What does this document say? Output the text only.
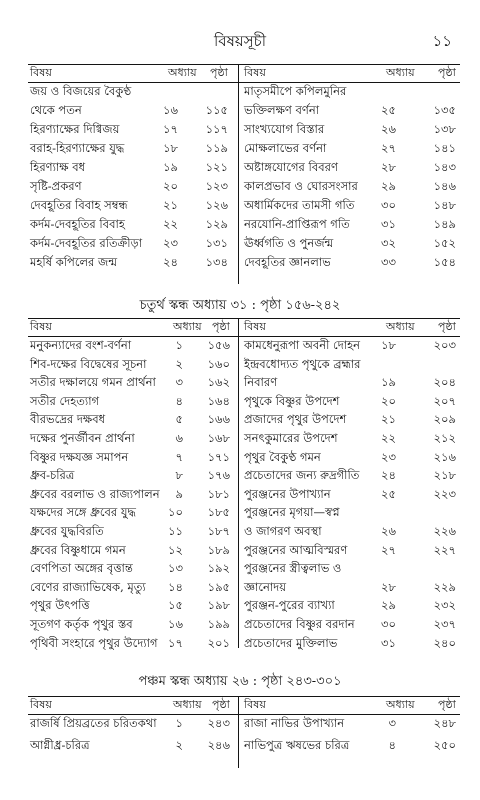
বিষয়সূচী	১১
বিষয়	অধ্যায় পৃষ্ঠা বিষয়	অধ্যায় পৃষ্ঠা
জয় ও বিজয়ের বৈকুণ্ঠ
থেকে পতন	১৬ ১১৫
হিরণ্যাক্ষের দিগ্বিজয়	১৭ ১১৭
বরাহ-হিরণ্যাক্ষের যুদ্ধ	১৮ ১১৯
হিরণ্যাক্ষ বধ	১৯ ১২১
সৃষ্টি-প্রকরণ	২০ ১২৩
দেবহূতির বিবাহ সম্বন্ধ	২১ ১২৬
কর্দম-দেবহূতির বিবাহ	২২ ১২৯
কর্দম-দেবহূতির রতিক্রীড়া ২৩ ১৩১
মহর্ষি কপিলের জন্ম	২৪ ১৩৪
মাতৃসমীপে কপিলমুনির
ভক্তিলক্ষণ বর্ণনা	২৫	১৩৫
সাংখ্যযোগ বিস্তার	২৬	১৩৮
মোক্ষলাভের বর্ণনা	২৭	১৪১
অষ্টাঙ্গযোগের বিবরণ	২৮	১৪৩
কালপ্রভাব ও ঘোরসংসার ২৯	১৪৬
অধার্মিকদের তামসী গতি ৩০	১৪৮
নরযোনি-প্রাপ্তিরূপ গতি	৩১	১৪৯
ঊর্ধ্বগতি ও পুনর্জন্ম	৩২	১৫২
দেবহূতির জ্ঞানলাভ	৩৩	১৫৪
চতুর্থ স্কন্ধ অধ্যায় ৩১ : পৃষ্ঠা ১৫৬-২৪২
বিষয়	অধ্যায় পৃষ্ঠা বিষয়	অধ্যায় পৃষ্ঠা
মনুকন্যাদের বংশ-বর্ণনা	১ ১৫৬
শিব-দক্ষের বিদ্বেষের সূচনা	২ ১৬০
সতীর দক্ষালয়ে গমন প্রার্থনা ৩ ১৬২
সতীর দেহত্যাগ	৪ ১৬৪
বীরভদ্রের দক্ষবধ	৫ ১৬৬
দক্ষের পুনর্জীবন প্রার্থনা	৬ ১৬৮
বিষ্ণুর দক্ষযজ্ঞ সমাপন	৭ ১৭১
ধ্রুব-চরিত্র	৮ ১৭৬
ধ্রুবের বরলাভ ও রাজ্যপালন ৯ ১৮১
যক্ষদের সঙ্গে ধ্রুবের যুদ্ধ	১০ ১৮৫
ধ্রুবের যুদ্ধবিরতি	১১ ১৮৭
ধ্রুবের বিষ্ণুধামে গমন	১২ ১৮৯
বেণপিতা অঙ্গের বৃত্তান্ত	১৩ ১৯২
বেণের রাজ্যাভিষেক, মৃত্যু ১৪ ১৯৫
পৃথুর উৎপত্তি	১৫ ১৯৮
সূতগণ কর্তৃক পৃথুর স্তব	১৬ ১৯৯
পৃথিবী সংহারে পৃথুর উদ্যোগ ১৭ ২০১
কামধেনুরূপা অবনী দোহন ১৮	২০৩
ইন্দ্রবধোদ্যত পৃথুকে ব্রহ্মার
নিবারণ	১৯	২০৪
পৃথুকে বিষ্ণুর উপদেশ	২০	২০৭
প্রজাদের পৃথুর উপদেশ	২১	২০৯
সনৎকুমারের উপদেশ	২২	২১২
পৃথুর বৈকুণ্ঠ গমন	২৩	২১৬
প্রচেতাদের জন্য রুদ্রগীতি ২৪	২১৮
পুরঞ্জনের উপাখ্যান	২৫	২২৩
পুরঞ্জনের মৃগয়া—স্বপ্ন
ও জাগরণ অবস্থা	২৬	২২৬
পুরঞ্জনের আত্মবিস্মরণ	২৭	২২৭
পুরঞ্জনের স্ত্রীত্বলাভ ও
জ্ঞানোদয়	২৮	২২৯
পুরঞ্জন-পুরের ব্যাখ্যা	২৯	২৩২
প্রচেতাদের বিষ্ণুর বরদান ৩০	২৩৭
প্রচেতাদের মুক্তিলাভ	৩১	২৪০
পঞ্চম স্কন্ধ অধ্যায় ২৬ : পৃষ্ঠা ২৪৩-৩০১
বিষয়	অধ্যায় পৃষ্ঠা বিষয়	অধ্যায় পৃষ্ঠা
রাজর্ষি প্রিয়ব্রতের চরিতকথা ১ ২৪৩
আগ্নীধ্র-চরিত্র	২ ২৪৬
রাজা নাভির উপাখ্যান	৩	২৪৮
নাভিপুত্র ঋষভের চরিত্র	৪	২৫০
